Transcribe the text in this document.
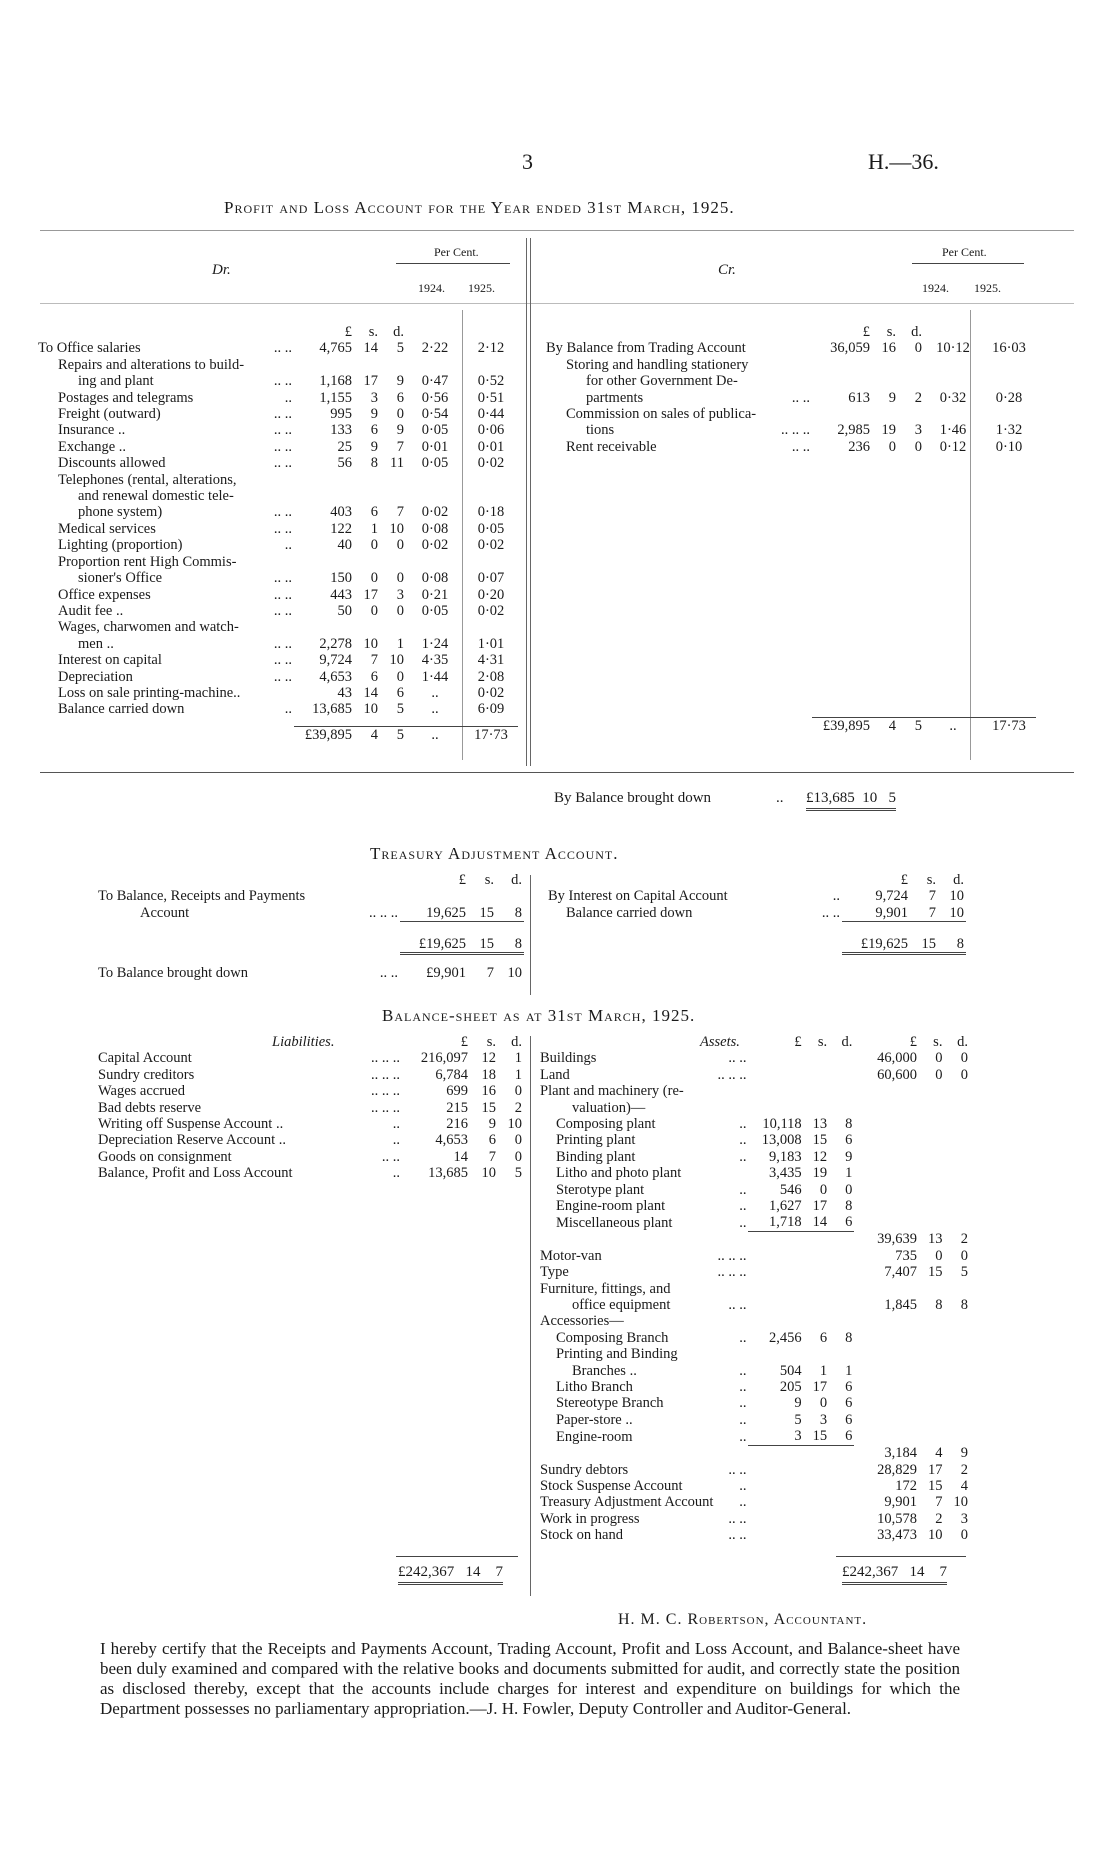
3	H.—36.
Profit and Loss Account for the Year ended 31st March, 1925.
Dr.
Per Cent.
1924. 1925.
Cr.
Per Cent.
1924. 1925.
		£	s.	d.		
To Office salaries	.. ..	4,765	14	5	2·22	2·12
Repairs and alterations to build-						
ing and plant	.. ..	1,168	17	9	0·47	0·52
Postages and telegrams	..	1,155	3	6	0·56	0·51
Freight (outward)	.. ..	995	9	0	0·54	0·44
Insurance ..	.. ..	133	6	9	0·05	0·06
Exchange ..	.. ..	25	9	7	0·01	0·01
Discounts allowed	.. ..	56	8	11	0·05	0·02
Telephones (rental, alterations,						
and renewal domestic tele-						
phone system)	.. ..	403	6	7	0·02	0·18
Medical services	.. ..	122	1	10	0·08	0·05
Lighting (proportion)	..	40	0	0	0·02	0·02
Proportion rent High Commis-						
sioner's Office	.. ..	150	0	0	0·08	0·07
Office expenses	.. ..	443	17	3	0·21	0·20
Audit fee ..	.. ..	50	0	0	0·05	0·02
Wages, charwomen and watch-						
men ..	.. ..	2,278	10	1	1·24	1·01
Interest on capital	.. ..	9,724	7	10	4·35	4·31
Depreciation	.. ..	4,653	6	0	1·44	2·08
Loss on sale printing-machine..		43	14	6	..	0·02
Balance carried down	..	13,685	10	5	..	6·09

		£39,895	4	5	..	17·73
		£	s.	d.		
By Balance from Trading Account		36,059	16	0	10·12	16·03
Storing and handling stationery						
for other Government De-						
partments	.. ..	613	9	2	0·32	0·28
Commission on sales of publica-						
tions	.. .. ..	2,985	19	3	1·46	1·32
Rent receivable	.. ..	236	0	0	0·12	0·10

		£39,895	4	5	..	17·73
By Balance brought down	.. £13,685 10 5
Treasury Adjustment Account.
		£	s.	d.
To Balance, Receipts and Payments				
Account	.. .. ..	19,625	15	8

		£19,625	15	8

To Balance brought down	.. ..	£9,901	7	10
		£	s.	d.
By Interest on Capital Account	..	9,724	7	10
Balance carried down	.. ..	9,901	7	10

		£19,625	15	8
Balance-sheet as at 31st March, 1925.
Liabilities.		£	s.	d.
Capital Account	.. .. ..	216,097	12	1
Sundry creditors	.. .. ..	6,784	18	1
Wages accrued	.. .. ..	699	16	0
Bad debts reserve	.. .. ..	215	15	2
Writing off Suspense Account ..	..	216	9	10
Depreciation Reserve Account ..	..	4,653	6	0
Goods on consignment	.. ..	14	7	0
Balance, Profit and Loss Account	..	13,685	10	5
Assets.		£	s.	d.	£	s.	d.
Buildings	.. ..				46,000	0	0
Land	.. .. ..				60,600	0	0
Plant and machinery (re-							
valuation)—							
Composing plant	..	10,118	13	8			
Printing plant	..	13,008	15	6			
Binding plant	..	9,183	12	9			
Litho and photo plant		3,435	19	1			
Sterotype plant	..	546	0	0			
Engine-room plant	..	1,627	17	8			
Miscellaneous plant	..	1,718	14	6			
					39,639	13	2
Motor-van	.. .. ..				735	0	0
Type	.. .. ..				7,407	15	5
Furniture, fittings, and							
office equipment	.. ..				1,845	8	8
Accessories—							
Composing Branch	..	2,456	6	8			
Printing and Binding							
Branches ..	..	504	1	1			
Litho Branch	..	205	17	6			
Stereotype Branch	..	9	0	6			
Paper-store ..	..	5	3	6			
Engine-room	..	3	15	6			
					3,184	4	9
Sundry debtors	.. ..				28,829	17	2
Stock Suspense Account	..				172	15	4
Treasury Adjustment Account	..				9,901	7	10
Work in progress	.. ..				10,578	2	3
Stock on hand	.. ..				33,473	10	0
£242,367 14 7	£242,367 14 7
H. M. C. Robertson, Accountant.

I hereby certify that the Receipts and Payments Account, Trading Account, Profit and Loss Account, and Balance-sheet have been duly examined and compared with the relative books and documents submitted for audit, and correctly state the position as disclosed thereby, except that the accounts include charges for interest and expenditure on buildings for which the Department possesses no parliamentary appropriation.—J. H. Fowler, Deputy Controller and Auditor-General.
